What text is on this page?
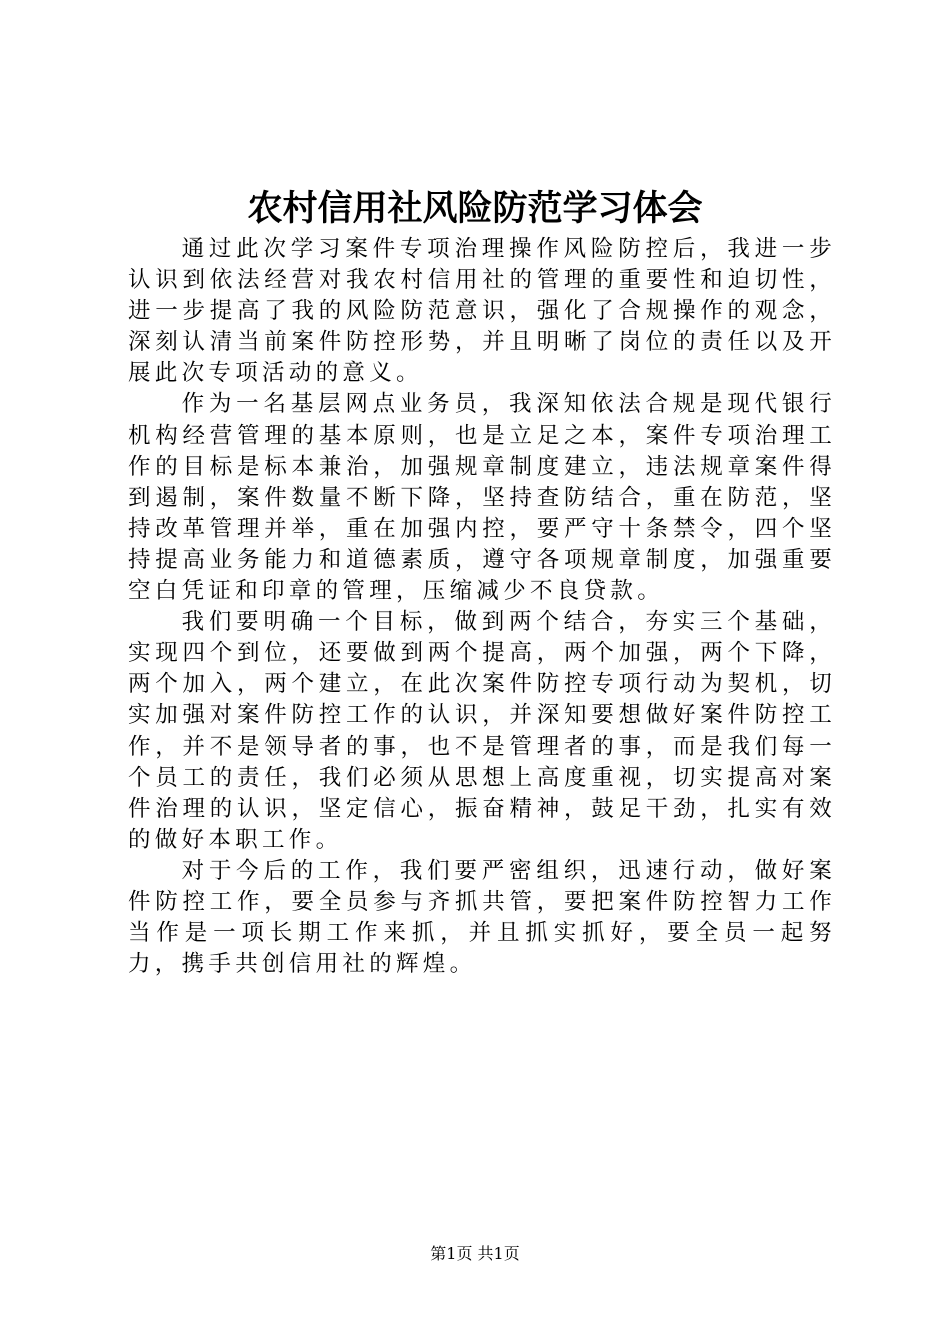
农村信用社风险防范学习体会

通过此次学习案件专项治理操作风险防控后，我进一步认识到依法经营对我农村信用社的管理的重要性和迫切性，进一步提高了我的风险防范意识，强化了合规操作的观念，深刻认清当前案件防控形势，并且明晰了岗位的责任以及开展此次专项活动的意义。

作为一名基层网点业务员，我深知依法合规是现代银行机构经营管理的基本原则，也是立足之本，案件专项治理工作的目标是标本兼治，加强规章制度建立，违法规章案件得到遏制，案件数量不断下降，坚持查防结合，重在防范，坚持改革管理并举，重在加强内控，要严守十条禁令，四个坚持提高业务能力和道德素质，遵守各项规章制度，加强重要空白凭证和印章的管理，压缩减少不良贷款。

我们要明确一个目标，做到两个结合，夯实三个基础，实现四个到位，还要做到两个提高，两个加强，两个下降，两个加入，两个建立，在此次案件防控专项行动为契机，切实加强对案件防控工作的认识，并深知要想做好案件防控工作，并不是领导者的事，也不是管理者的事，而是我们每一个员工的责任，我们必须从思想上高度重视，切实提高对案件治理的认识，坚定信心，振奋精神，鼓足干劲，扎实有效的做好本职工作。

对于今后的工作，我们要严密组织，迅速行动，做好案件防控工作，要全员参与齐抓共管，要把案件防控智力工作当作是一项长期工作来抓，并且抓实抓好，要全员一起努力，携手共创信用社的辉煌。

第1页 共1页
